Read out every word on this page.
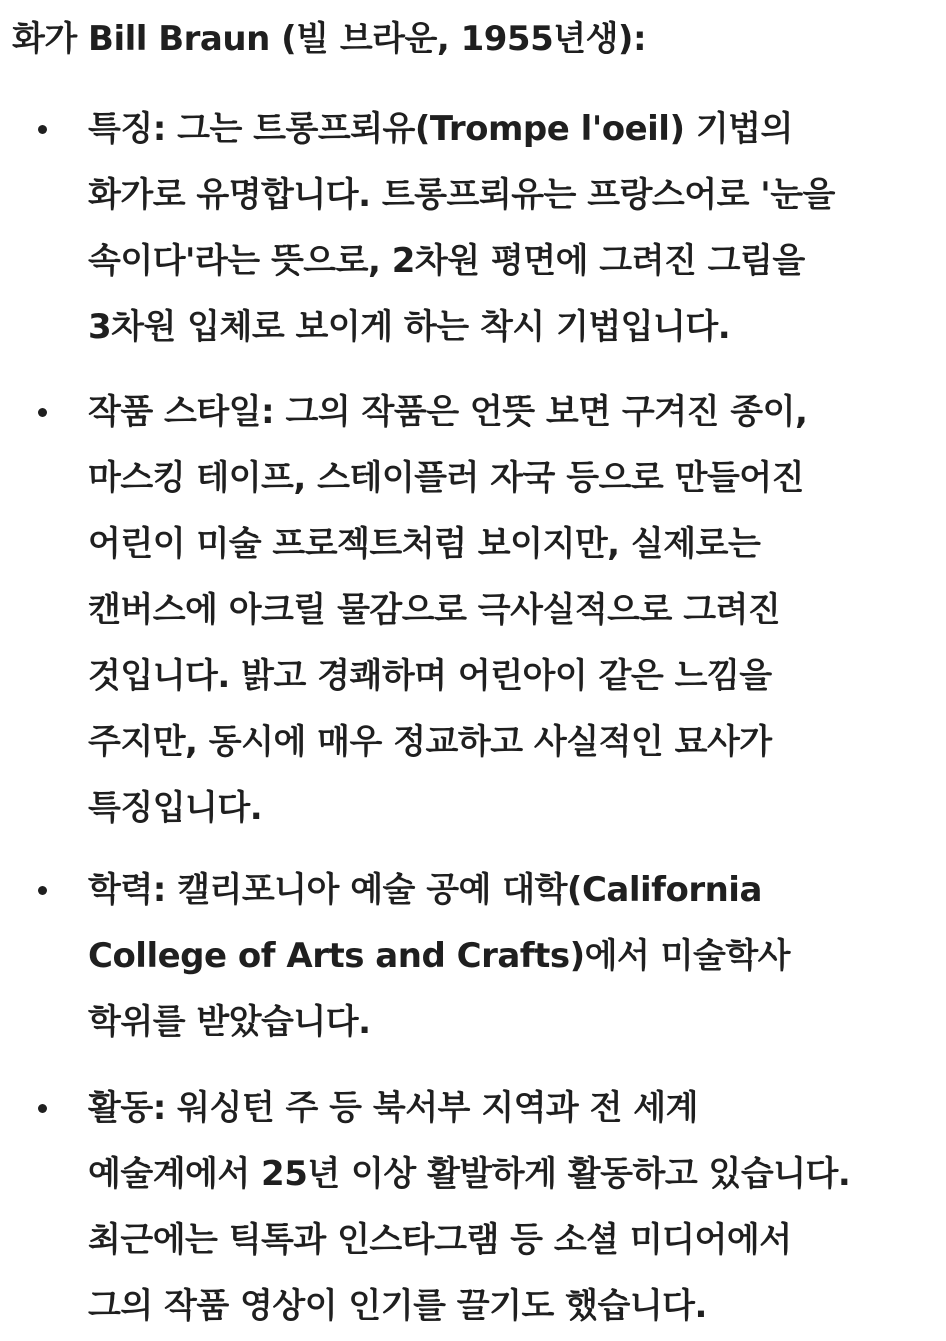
화가 Bill Braun (빌 브라운, 1955년생):

특징: 그는 트롱프뢰유(Trompe l'oeil) 기법의
화가로 유명합니다. 트롱프뢰유는 프랑스어로 '눈을
속이다'라는 뜻으로, 2차원 평면에 그려진 그림을
3차원 입체로 보이게 하는 착시 기법입니다.

작품 스타일: 그의 작품은 언뜻 보면 구겨진 종이,
마스킹 테이프, 스테이플러 자국 등으로 만들어진
어린이 미술 프로젝트처럼 보이지만, 실제로는
캔버스에 아크릴 물감으로 극사실적으로 그려진
것입니다. 밝고 경쾌하며 어린아이 같은 느낌을
주지만, 동시에 매우 정교하고 사실적인 묘사가
특징입니다.

학력: 캘리포니아 예술 공예 대학(California
College of Arts and Crafts)에서 미술학사
학위를 받았습니다.

활동: 워싱턴 주 등 북서부 지역과 전 세계
예술계에서 25년 이상 활발하게 활동하고 있습니다.
최근에는 틱톡과 인스타그램 등 소셜 미디어에서
그의 작품 영상이 인기를 끌기도 했습니다.
